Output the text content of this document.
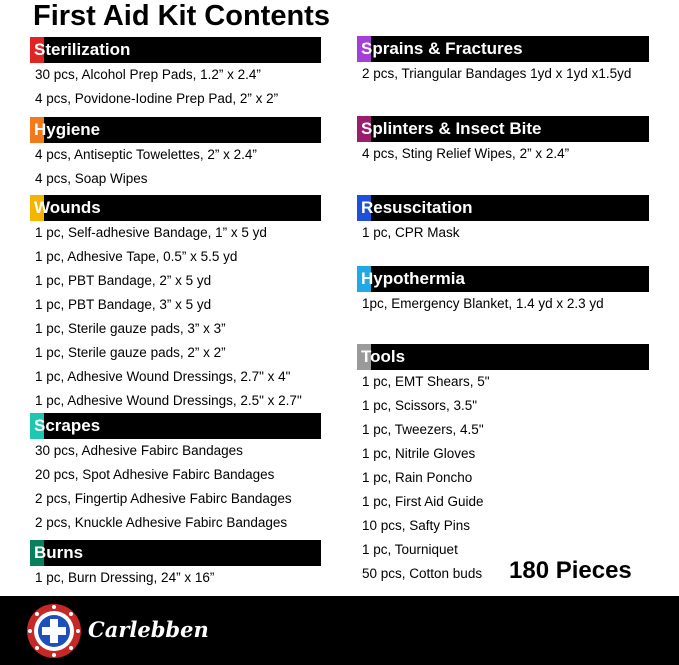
First Aid Kit Contents
Sterilization
30 pcs, Alcohol Prep Pads, 1.2” x 2.4”
4 pcs, Povidone-Iodine Prep Pad, 2” x 2”
Hygiene
4 pcs, Antiseptic Towelettes, 2” x 2.4”
4 pcs, Soap Wipes
Wounds
1 pc, Self-adhesive Bandage, 1” x 5 yd
1 pc, Adhesive Tape, 0.5” x 5.5 yd
1 pc, PBT Bandage, 2” x 5 yd
1 pc, PBT Bandage, 3” x 5 yd
1 pc, Sterile gauze pads, 3” x 3”
1 pc, Sterile gauze pads, 2” x 2”
1 pc, Adhesive Wound Dressings, 2.7" x 4"
1 pc, Adhesive Wound Dressings, 2.5" x 2.7"
Scrapes
30 pcs, Adhesive Fabirc Bandages
20 pcs, Spot Adhesive Fabirc Bandages
2 pcs, Fingertip Adhesive Fabirc Bandages
2 pcs, Knuckle Adhesive Fabirc Bandages
Burns
1 pc, Burn Dressing, 24” x 16”
Sprains & Fractures
2 pcs, Triangular Bandages 1yd x 1yd x1.5yd
Splinters & Insect Bite
4 pcs, Sting Relief Wipes, 2” x 2.4”
Resuscitation
1 pc, CPR Mask
Hypothermia
1pc, Emergency Blanket, 1.4 yd x 2.3 yd
Tools
1 pc, EMT Shears, 5"
1 pc, Scissors, 3.5"
1 pc, Tweezers, 4.5"
1 pc, Nitrile Gloves
1 pc, Rain Poncho
1 pc, First Aid Guide
10 pcs, Safty Pins
1 pc, Tourniquet
50 pcs, Cotton buds	180 Pieces
Carlebben
